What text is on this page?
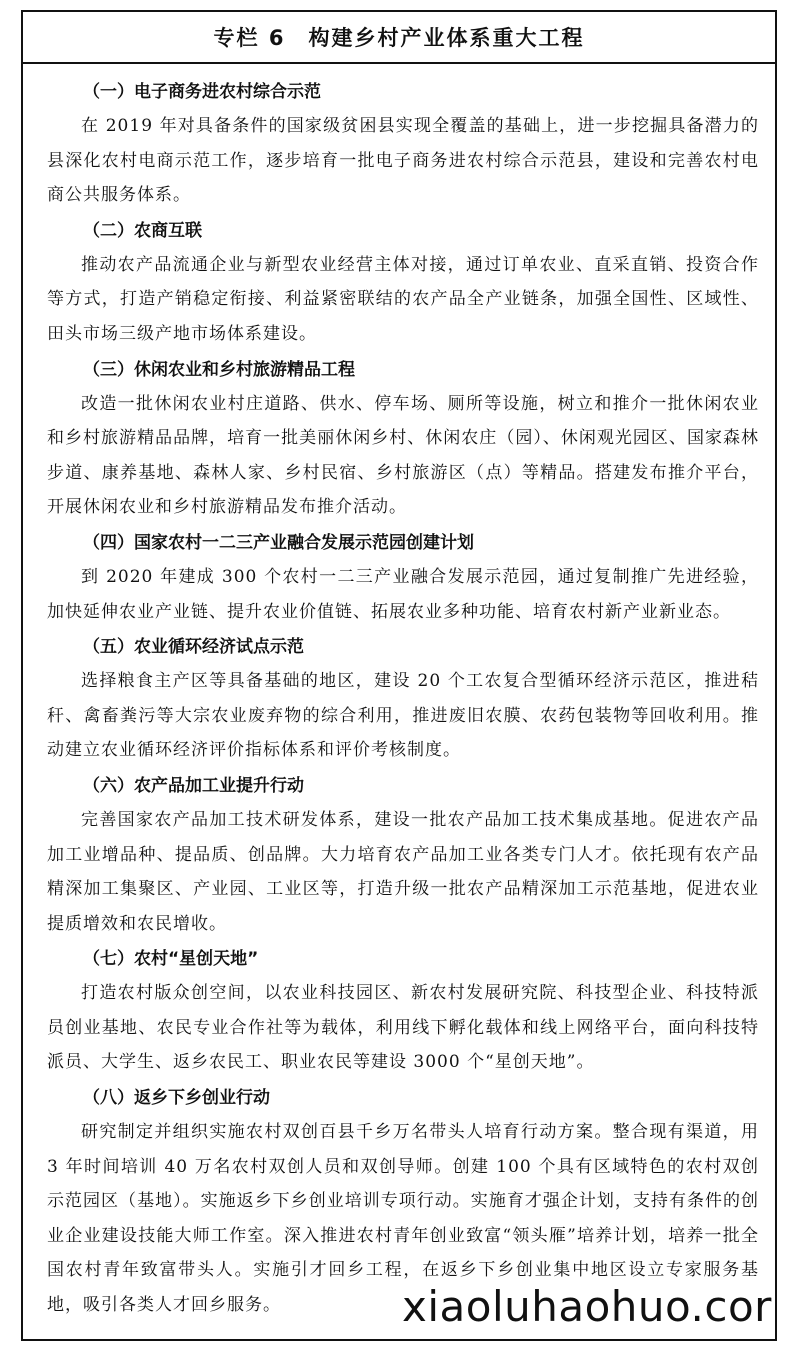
专栏 6　构建乡村产业体系重大工程
（一）电子商务进农村综合示范

在 2019 年对具备条件的国家级贫困县实现全覆盖的基础上，进一步挖掘具备潜力的县深化农村电商示范工作，逐步培育一批电子商务进农村综合示范县，建设和完善农村电商公共服务体系。

（二）农商互联

推动农产品流通企业与新型农业经营主体对接，通过订单农业、直采直销、投资合作等方式，打造产销稳定衔接、利益紧密联结的农产品全产业链条，加强全国性、区域性、田头市场三级产地市场体系建设。

（三）休闲农业和乡村旅游精品工程

改造一批休闲农业村庄道路、供水、停车场、厕所等设施，树立和推介一批休闲农业和乡村旅游精品品牌，培育一批美丽休闲乡村、休闲农庄（园）、休闲观光园区、国家森林步道、康养基地、森林人家、乡村民宿、乡村旅游区（点）等精品。搭建发布推介平台，开展休闲农业和乡村旅游精品发布推介活动。

（四）国家农村一二三产业融合发展示范园创建计划

到 2020 年建成 300 个农村一二三产业融合发展示范园，通过复制推广先进经验，加快延伸农业产业链、提升农业价值链、拓展农业多种功能、培育农村新产业新业态。

（五）农业循环经济试点示范

选择粮食主产区等具备基础的地区，建设 20 个工农复合型循环经济示范区，推进秸秆、禽畜粪污等大宗农业废弃物的综合利用，推进废旧农膜、农药包装物等回收利用。推动建立农业循环经济评价指标体系和评价考核制度。

（六）农产品加工业提升行动

完善国家农产品加工技术研发体系，建设一批农产品加工技术集成基地。促进农产品加工业增品种、提品质、创品牌。大力培育农产品加工业各类专门人才。依托现有农产品精深加工集聚区、产业园、工业区等，打造升级一批农产品精深加工示范基地，促进农业提质增效和农民增收。

（七）农村“星创天地”

打造农村版众创空间，以农业科技园区、新农村发展研究院、科技型企业、科技特派员创业基地、农民专业合作社等为载体，利用线下孵化载体和线上网络平台，面向科技特派员、大学生、返乡农民工、职业农民等建设 3000 个“星创天地”。

（八）返乡下乡创业行动

研究制定并组织实施农村双创百县千乡万名带头人培育行动方案。整合现有渠道，用 3 年时间培训 40 万名农村双创人员和双创导师。创建 100 个具有区域特色的农村双创示范园区（基地）。实施返乡下乡创业培训专项行动。实施育才强企计划，支持有条件的创业企业建设技能大师工作室。深入推进农村青年创业致富“领头雁”培养计划，培养一批全国农村青年致富带头人。实施引才回乡工程，在返乡下乡创业集中地区设立专家服务基地，吸引各类人才回乡服务。	xiaoluhaohuo.cor
